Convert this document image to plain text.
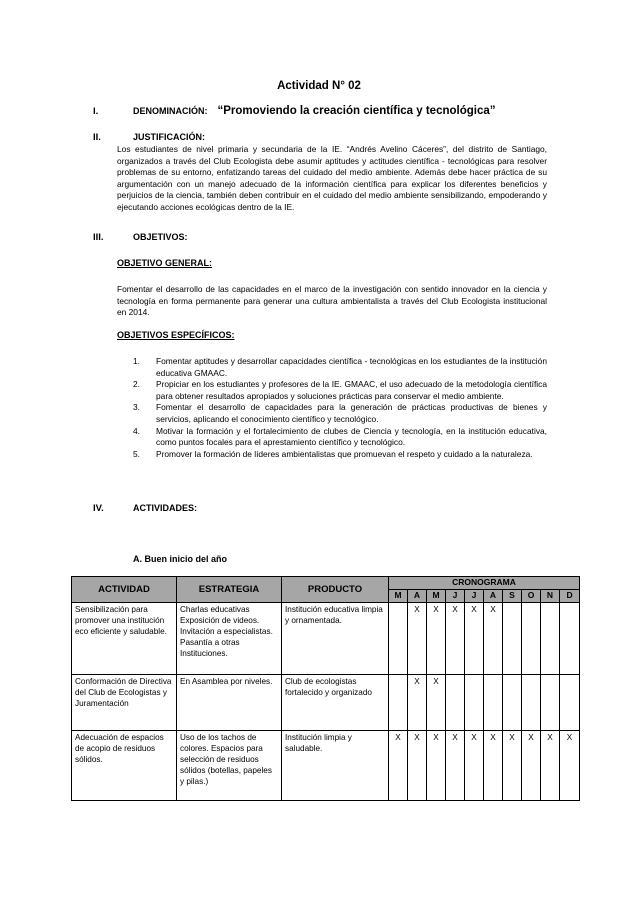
Actividad N° 02
I.	DENOMINACIÓN: “Promoviendo la creación científica y tecnológica”
II.	JUSTIFICACIÓN:
Los estudiantes de nivel primaria y secundaria de la IE. “Andrés Avelino Cáceres”, del distrito de Santiago, organizados a través del Club Ecologista debe asumir aptitudes y actitudes científica - tecnológicas para resolver problemas de su entorno, enfatizando tareas del cuidado del medio ambiente. Además debe hacer práctica de su argumentación con un manejo adecuado de la información científica para explicar los diferentes beneficios y perjuicios de la ciencia, también deben contribuir en el cuidado del medio ambiente sensibilizando, empoderando y ejecutando acciones ecológicas dentro de la IE.
III.	OBJETIVOS:
OBJETIVO GENERAL:
Fomentar el desarrollo de las capacidades en el marco de la investigación con sentido innovador en la ciencia y tecnología en forma permanente para generar una cultura ambientalista a través del Club Ecologista institucional en 2014.
OBJETIVOS ESPECÍFICOS:
1. Fomentar aptitudes y desarrollar capacidades científica - tecnológicas en los estudiantes de la institución educativa GMAAC.
2. Propiciar en los estudiantes y profesores de la IE. GMAAC, el uso adecuado de la metodología científica para obtener resultados apropiados y soluciones prácticas para conservar el medio ambiente.
3. Fomentar el desarrollo de capacidades para la generación de prácticas productivas de bienes y servicios, aplicando el conocimiento científico y tecnológico.
4. Motivar la formación y el fortalecimiento de clubes de Ciencia y tecnología, en la institución educativa, como puntos focales para el aprestamiento científico y tecnológico.
5. Promover la formación de líderes ambientalistas que promuevan el respeto y cuidado a la naturaleza.
IV.	ACTIVIDADES:
A. Buen inicio del año
ACTIVIDAD	ESTRATEGIA	PRODUCTO	CRONOGRAMA									
			M	A	M	J	J	A	S	O	N	D
Sensibilización para promover una institución eco eficiente y saludable.	Charlas educativas
Exposición de videos.
Invitación a especialistas.
Pasantía a otras Instituciones.	Institución educativa limpia y ornamentada.		X	X	X	X	X				
Conformación de Directiva del Club de Ecologistas y Juramentación	En Asamblea por niveles.	Club de ecologistas fortalecido y organizado		X	X							
Adecuación de espacios de acopio de residuos sólidos.	Uso de los tachos de colores. Espacios para selección de residuos sólidos (botellas, papeles y pilas.)	Institución limpia y saludable.	X	X	X	X	X	X	X	X	X	X
